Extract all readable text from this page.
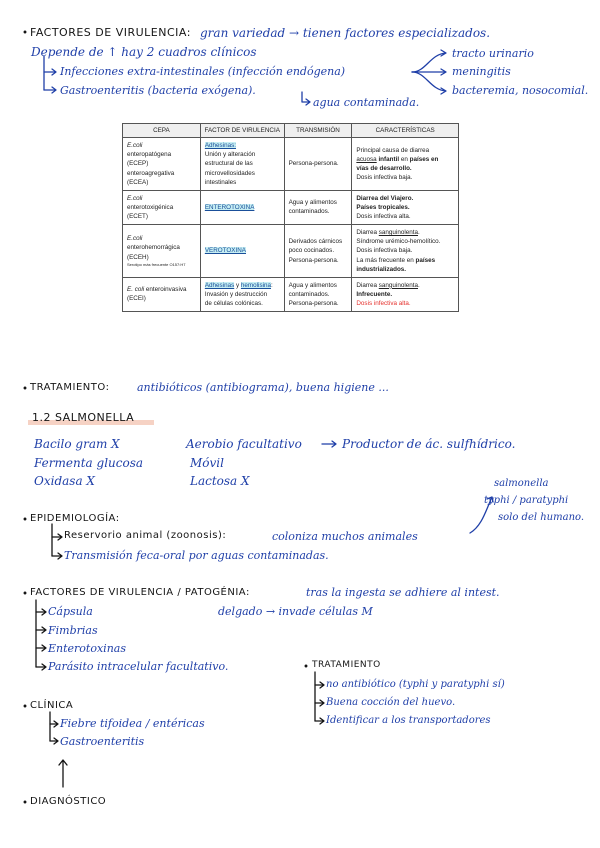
FACTORES DE VIRULENCIA: gran variedad → tienen factores especializados.
Depende de ↑ hay 2 cuadros clínicos
Infecciones extra-intestinales (infección endógena)
Gastroenteritis (bacteria exógena).
agua contaminada.
tracto urinario
meningitis
bacteremia, nosocomial.
CEPA	FACTOR DE VIRULENCIA	TRANSMISIÓN	CARACTERÍSTICAS

E.coli
enteropatógena
(ECEP)
enteroagregativa
(ECEA)	Adhesinas:
Unión y alteración
estructural de las
microvellosidades
intestinales	Persona-persona.	Principal causa de diarrea
acuosa infantil en países en
vías de desarrollo.
Dosis infectiva baja.

E.coli
enterotoxigénica
(ECET)	ENTEROTOXINA	Agua y alimentos
contaminados.	Diarrea del Viajero.
Países tropicales.
Dosis infectiva alta.

E.coli
enterohemorrágica
(ECEH)
Serotipo más frecuente O157:H7	VEROTOXINA	Derivados cárnicos
poco cocinados.
Persona-persona.	Diarrea sanguinolenta.
Síndrome urémico-hemolítico.
Dosis infectiva baja.
La más frecuente en países
industrializados.

E. coli enteroinvasiva
(ECEI)	Adhesinas y hemolisina:
Invasión y destrucción
de células colónicas.	Agua y alimentos
contaminados.
Persona-persona.	Diarrea sanguinolenta.
Infrecuente.
Dosis infectiva alta.
TRATAMIENTO:	antibióticos (antibiograma), buena higiene ...
1.2 SALMONELLA
Bacilo gram X
Fermenta glucosa
Oxidasa X
Aerobio facultativo
Móvil
Lactosa X
Productor de ác. sulfhídrico.
salmonella
typhi / paratyphi
solo del humano.
EPIDEMIOLOGÍA:
Reservorio animal (zoonosis):	coloniza muchos animales
Transmisión feca-oral por aguas contaminadas.
FACTORES DE VIRULENCIA / PATOGÉNIA:	tras la ingesta se adhiere al intest.
delgado → invade células M
Cápsula
Fimbrias
Enterotoxinas
Parásito intracelular facultativo.	TRATAMIENTO
no antibiótico (typhi y paratyphi sí)
Buena cocción del huevo.
Identificar a los transportadores
CLÍNICA
Fiebre tifoidea / entéricas
Gastroenteritis
DIAGNÓSTICO
